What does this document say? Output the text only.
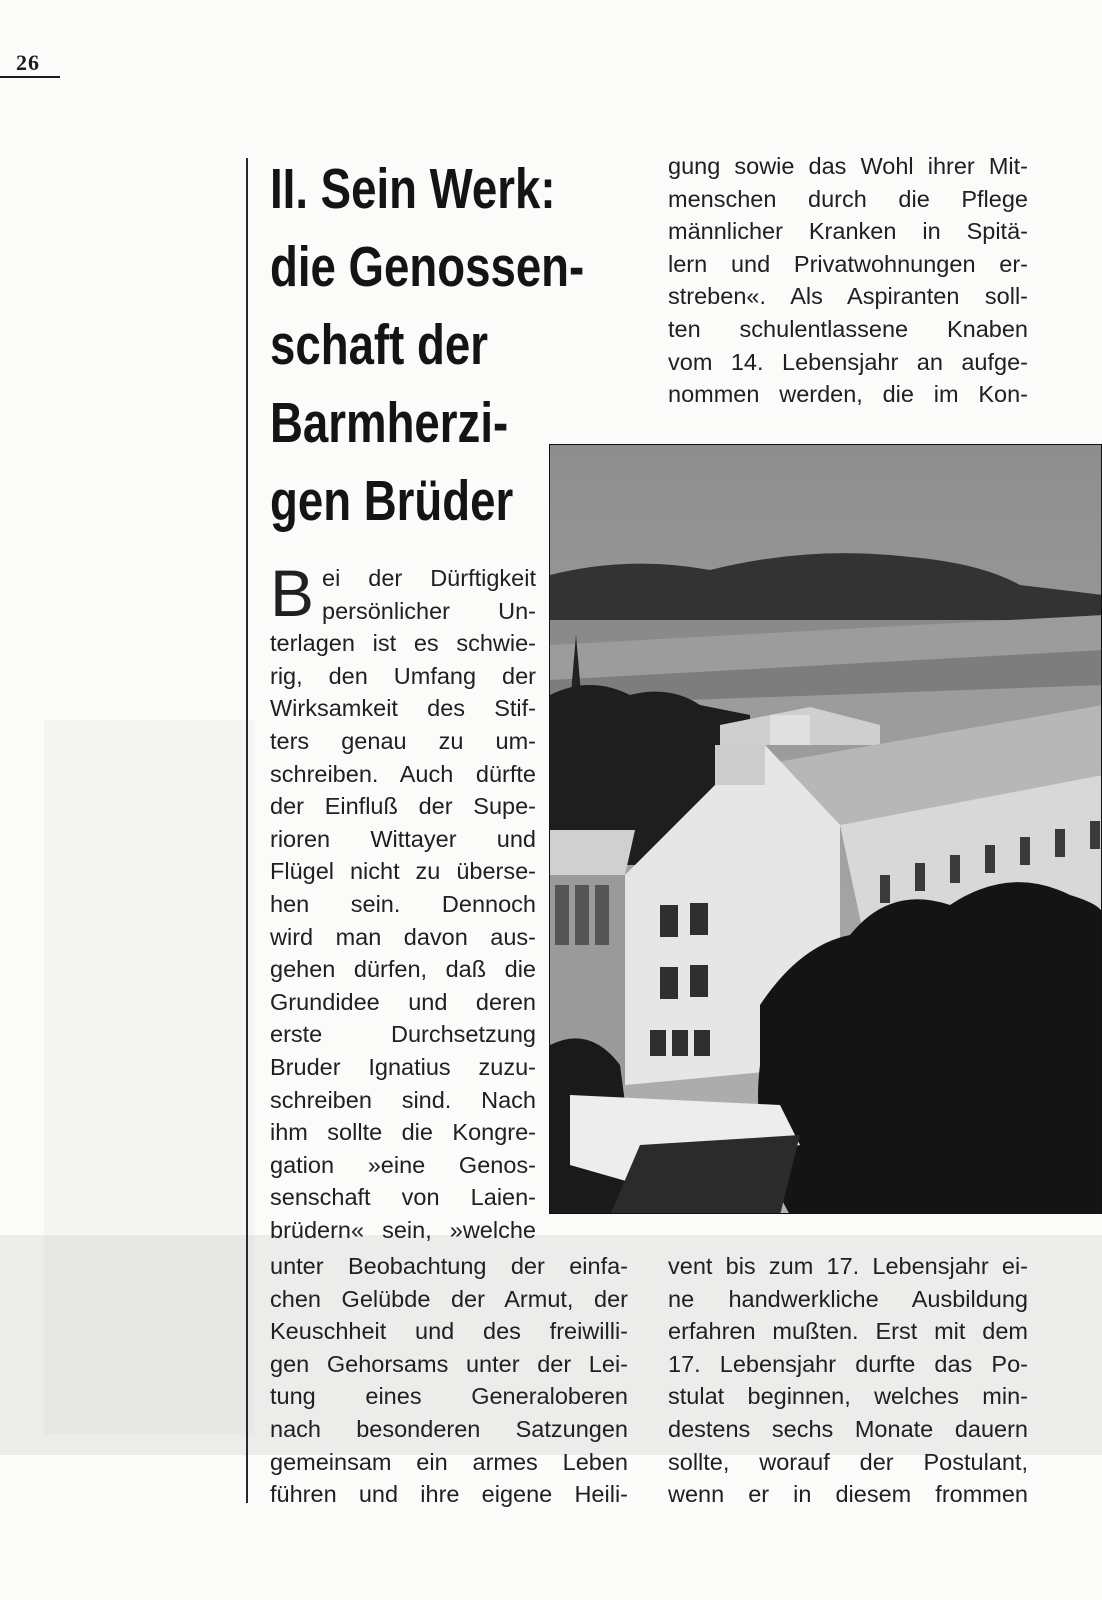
26
II. Sein Werk:
die Genossen-
schaft der
Barmherzi-
gen Brüder
gung sowie das Wohl ihrer Mit-
menschen durch die Pflege
männlicher Kranken in Spitä-
lern und Privatwohnungen er-
streben«. Als Aspiranten soll-
ten schulentlassene Knaben
vom 14. Lebensjahr an aufge-
nommen werden, die im Kon-
B ei der Dürftigkeit
persönlicher Un-
terlagen ist es schwie-
rig, den Umfang der
Wirksamkeit des Stif-
ters genau zu um-
schreiben. Auch dürfte
der Einfluß der Supe-
rioren Wittayer und
Flügel nicht zu überse-
hen sein. Dennoch
wird man davon aus-
gehen dürfen, daß die
Grundidee und deren
erste Durchsetzung
Bruder Ignatius zuzu-
schreiben sind. Nach
ihm sollte die Kongre-
gation »eine Genos-
senschaft von Laien-
brüdern« sein, »welche
unter Beobachtung der einfa-
chen Gelübde der Armut, der
Keuschheit und des freiwilli-
gen Gehorsams unter der Lei-
tung eines Generaloberen
nach besonderen Satzungen
gemeinsam ein armes Leben
führen und ihre eigene Heili-
vent bis zum 17. Lebensjahr ei-
ne handwerkliche Ausbildung
erfahren mußten. Erst mit dem
17. Lebensjahr durfte das Po-
stulat beginnen, welches min-
destens sechs Monate dauern
sollte, worauf der Postulant,
wenn er in diesem frommen
